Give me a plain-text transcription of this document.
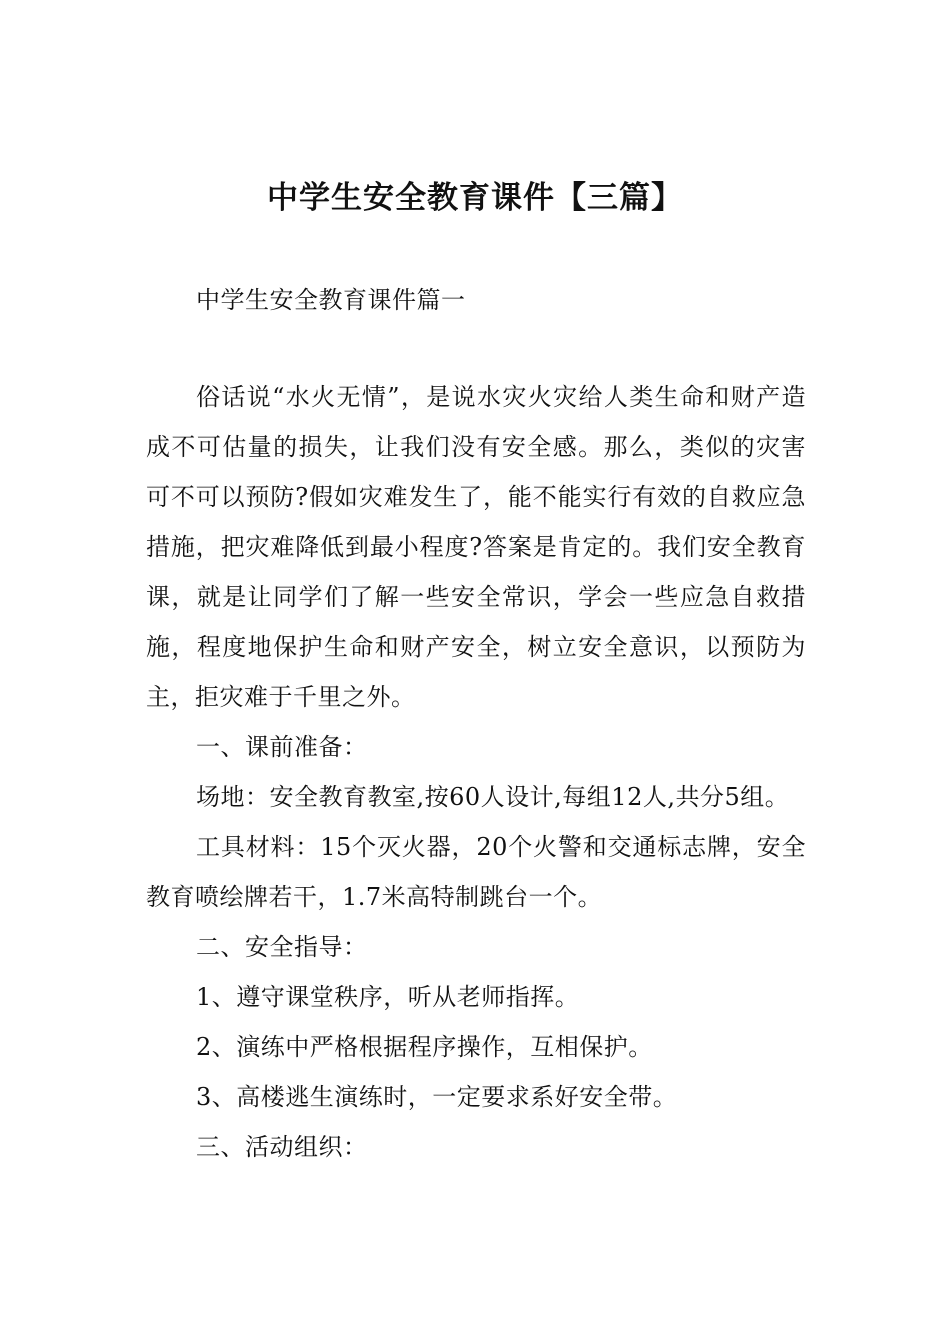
中学生安全教育课件【三篇】

中学生安全教育课件篇一

俗话说“水火无情”，是说水灾火灾给人类生命和财产造成不可估量的损失，让我们没有安全感。那么，类似的灾害可不可以预防?假如灾难发生了，能不能实行有效的自救应急措施，把灾难降低到最小程度?答案是肯定的。我们安全教育课，就是让同学们了解一些安全常识，学会一些应急自救措施，程度地保护生命和财产安全，树立安全意识，以预防为主，拒灾难于千里之外。

一、课前准备：

场地：安全教育教室,按60人设计,每组12人,共分5组。

工具材料：15个灭火器，20个火警和交通标志牌，安全教育喷绘牌若干，1.7米高特制跳台一个。

二、安全指导：

1、遵守课堂秩序，听从老师指挥。

2、演练中严格根据程序操作，互相保护。

3、高楼逃生演练时，一定要求系好安全带。

三、活动组织：
